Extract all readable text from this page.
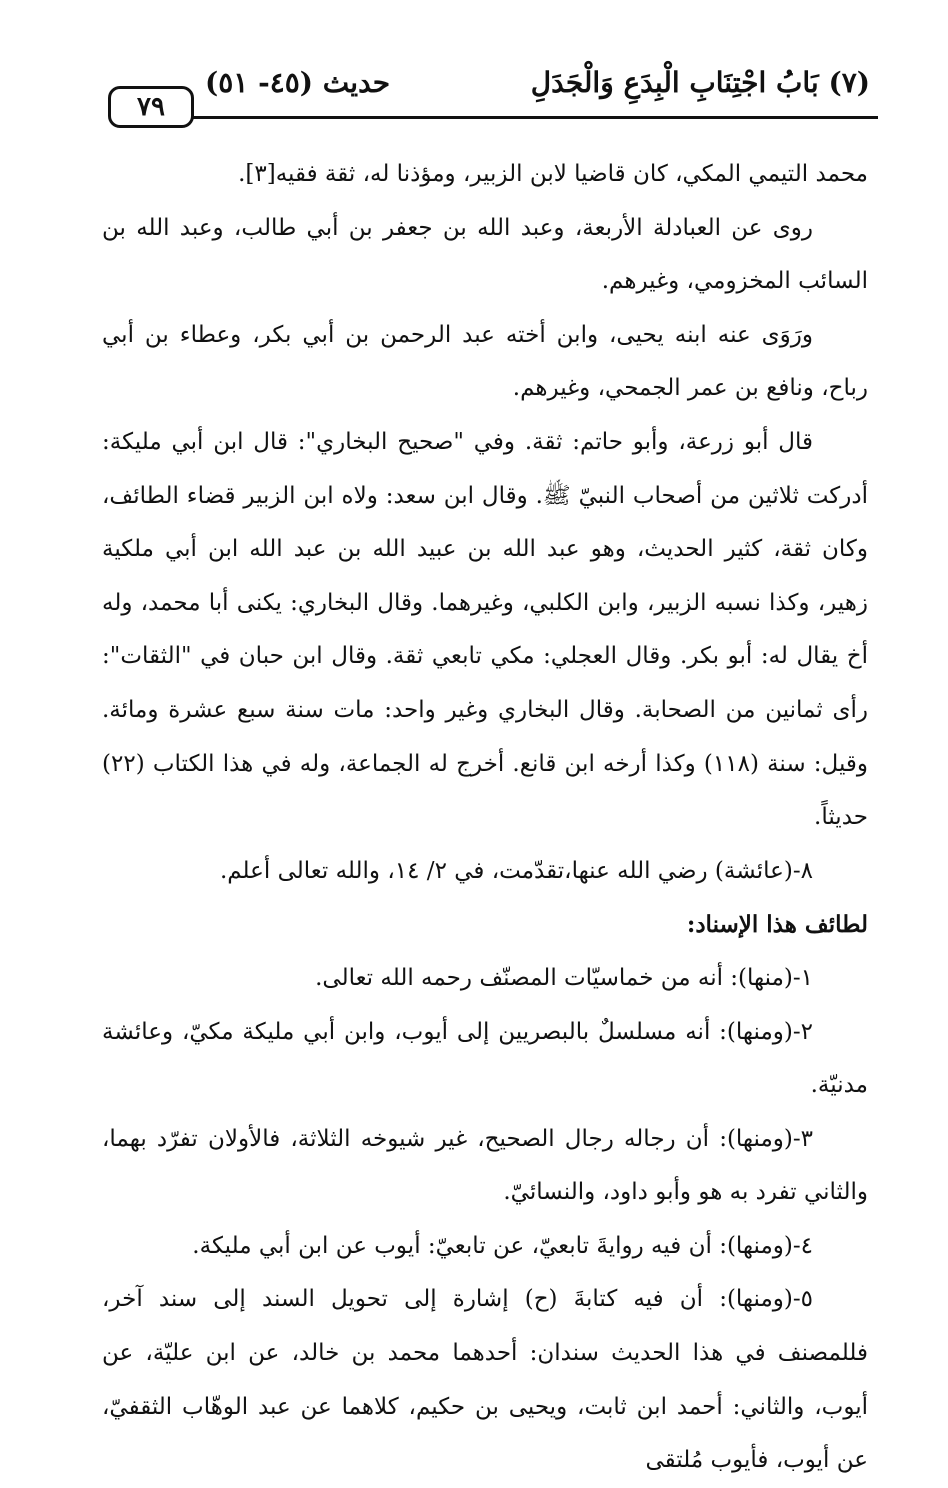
(٧) بَابُ اجْتِنَابِ الْبِدَعِ وَالْجَدَلِ
حديث (٤٥- ٥١)
٧٩

محمد التيمي المكي، كان قاضيا لابن الزبير، ومؤذنا له، ثقة فقيه[٣].

روى عن العبادلة الأربعة، وعبد الله بن جعفر بن أبي طالب، وعبد الله بن السائب المخزومي، وغيرهم.

ورَوَى عنه ابنه يحيى، وابن أخته عبد الرحمن بن أبي بكر، وعطاء بن أبي رباح، ونافع بن عمر الجمحي، وغيرهم.

قال أبو زرعة، وأبو حاتم: ثقة. وفي "صحيح البخاري": قال ابن أبي مليكة: أدركت ثلاثين من أصحاب النبيّ ﷺ. وقال ابن سعد: ولاه ابن الزبير قضاء الطائف، وكان ثقة، كثير الحديث، وهو عبد الله بن عبيد الله بن عبد الله ابن أبي ملكية زهير، وكذا نسبه الزبير، وابن الكلبي، وغيرهما. وقال البخاري: يكنى أبا محمد، وله أخ يقال له: أبو بكر. وقال العجلي: مكي تابعي ثقة. وقال ابن حبان في "الثقات": رأى ثمانين من الصحابة. وقال البخاري وغير واحد: مات سنة سبع عشرة ومائة. وقيل: سنة (١١٨) وكذا أرخه ابن قانع. أخرج له الجماعة، وله في هذا الكتاب (٢٢) حديثاً.

٨-(عائشة) رضي الله عنها،تقدّمت، في ٢/ ١٤، والله تعالى أعلم.

لطائف هذا الإسناد:

١-(منها): أنه من خماسيّات المصنّف رحمه الله تعالى.

٢-(ومنها): أنه مسلسلٌ بالبصريين إلى أيوب، وابن أبي مليكة مكيّ، وعائشة مدنيّة.

٣-(ومنها): أن رجاله رجال الصحيح، غير شيوخه الثلاثة، فالأولان تفرّد بهما، والثاني تفرد به هو وأبو داود، والنسائيّ.

٤-(ومنها): أن فيه روايةَ تابعيّ، عن تابعيّ: أيوب عن ابن أبي مليكة.

٥-(ومنها): أن فيه كتابةَ (ح) إشارة إلى تحويل السند إلى سند آخر، فللمصنف في هذا الحديث سندان: أحدهما محمد بن خالد، عن ابن عليّة، عن أيوب، والثاني: أحمد ابن ثابت، ويحيى بن حكيم، كلاهما عن عبد الوهّاب الثقفيّ، عن أيوب، فأيوب مُلتقى
